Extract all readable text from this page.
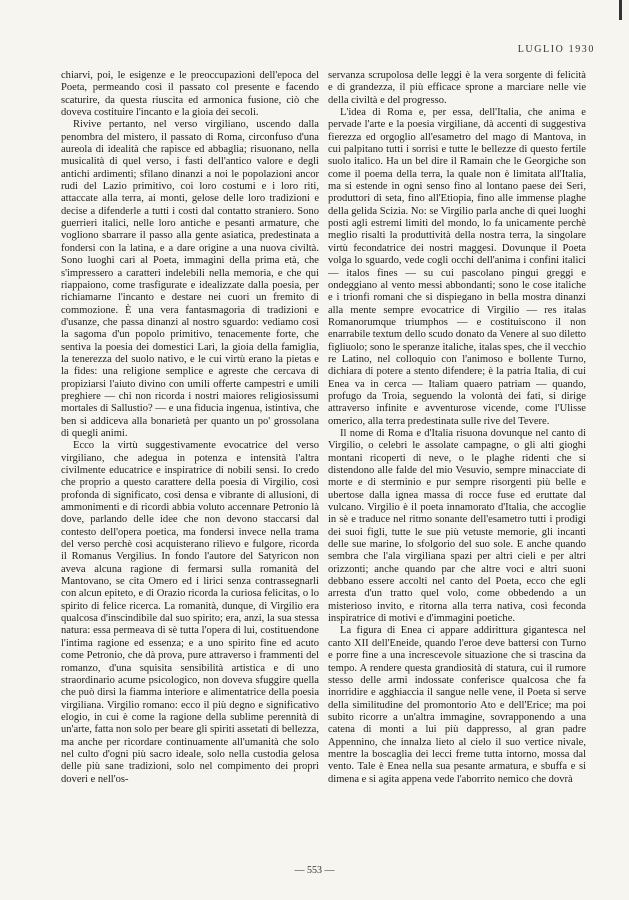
LUGLIO 1930

chiarvi, poi, le esigenze e le preoccupazioni dell'epoca del Poeta, permeando così il passato col presente e facendo scaturire, da questa riuscita ed armonica fusione, ciò che doveva costituire l'incanto e la gioia dei secoli.

Rivive pertanto, nel verso virgiliano, uscendo dalla penombra del mistero, il passato di Roma, circonfuso d'una aureola di idealità che rapisce ed abbaglia; risuonano, nella musicalità di quel verso, i fasti dell'antico valore e degli antichi ardimenti; sfilano dinanzi a noi le popolazioni ancor rudi del Lazio primitivo, coi loro costumi e i loro riti, attaccate alla terra, ai monti, gelose delle loro tradizioni e decise a difenderle a tutti i costi dal contatto straniero. Sono guerrieri italici, nelle loro antiche e pesanti armature, che vogliono sbarrare il passo alla gente asiatica, predestinata a fondersi con la latina, e a dare origine a una nuova civiltà. Sono luoghi cari al Poeta, immagini della prima età, che s'impressero a caratteri indelebili nella memoria, e che qui riappaiono, come trasfigurate e idealizzate dalla poesia, per richiamarne l'incanto e destare nei cuori un fremito di commozione. È una vera fantasmagoria di tradizioni e d'usanze, che passa dinanzi al nostro sguardo: vediamo così la sagoma d'un popolo primitivo, tenacemente forte, che sentiva la poesia dei domestici Lari, la gioia della famiglia, la tenerezza del suolo nativo, e le cui virtù erano la pietas e la fides: una religione semplice e agreste che cercava di propiziarsi l'aiuto divino con umili offerte campestri e umili preghiere — chi non ricorda i nostri maiores religiosissumi mortales di Sallustio? — e una fiducia ingenua, istintiva, che ben si addiceva alla bonarietà per quanto un po' grossolana di quegli animi.

Ecco la virtù suggestivamente evocatrice del verso virgiliano, che adegua in potenza e intensità l'altra civilmente educatrice e inspiratrice di nobili sensi. Io credo che proprio a questo carattere della poesia di Virgilio, così profonda di significato, così densa e vibrante di allusioni, di ammonimenti e di ricordi abbia voluto accennare Petronio là dove, parlando delle idee che non devono staccarsi dal contesto dell'opera poetica, ma fondersi invece nella trama del verso perchè così acquisterano rilievo e fulgore, ricorda il Romanus Vergilius. In fondo l'autore del Satyricon non aveva alcuna ragione di fermarsi sulla romanità del Mantovano, se cita Omero ed i lirici senza contrassegnarli con alcun epiteto, e di Orazio ricorda la curiosa felicitas, o lo spirito di felice ricerca. La romanità, dunque, di Virgilio era qualcosa d'inscindibile dal suo spirito; era, anzi, la sua stessa natura: essa permeava di sè tutta l'opera di lui, costituendone l'intima ragione ed essenza; e a uno spirito fine ed acuto come Petronio, che dà prova, pure attraverso i frammenti del romanzo, d'una squisita sensibilità artistica e di uno straordinario acume psicologico, non doveva sfuggire quella che può dirsi la fiamma interiore e alimentatrice della poesia virgiliana. Virgilio romano: ecco il più degno e significativo elogio, in cui è come la ragione della sublime perennità di un'arte, fatta non solo per beare gli spiriti assetati di bellezza, ma anche per ricordare continuamente all'umanità che solo nel culto d'ogni più sacro ideale, solo nella custodia gelosa delle più sane tradizioni, solo nel compimento dei propri doveri e nell'os-

servanza scrupolosa delle leggi è la vera sorgente di felicità e di grandezza, il più efficace sprone a marciare nelle vie della civiltà e del progresso.

L'idea di Roma e, per essa, dell'Italia, che anima e pervade l'arte e la poesia virgiliane, dà accenti di suggestiva fierezza ed orgoglio all'esametro del mago di Mantova, in cui palpitano tutti i sorrisi e tutte le bellezze di questo fertile suolo italico. Ha un bel dire il Ramain che le Georgiche son come il poema della terra, la quale non è limitata all'Italia, ma si estende in ogni senso fino al lontano paese dei Seri, produttori di seta, fino all'Etiopia, fino alle immense plaghe della gelida Scizia. No: se Virgilio parla anche di quei luoghi posti agli estremi limiti del mondo, lo fa unicamente perchè meglio risalti la produttività della nostra terra, la singolare virtù fecondatrice dei nostri maggesi. Dovunque il Poeta volga lo sguardo, vede cogli occhi dell'anima i confini italici — italos fines — su cui pascolano pingui greggi e ondeggiano al vento messi abbondanti; sono le cose italiche e i trionfi romani che si dispiegano in bella mostra dinanzi alla mente sempre evocatrice di Virgilio — res italas Romanorumque triumphos — e costituiscono il non enarrabile textum dello scudo donato da Venere al suo diletto figliuolo; sono le speranze italiche, italas spes, che il vecchio re Latino, nel colloquio con l'animoso e bollente Turno, dichiara di potere a stento difendere; è la patria Italia, di cui Enea va in cerca — Italiam quaero patriam — quando, profugo da Troia, seguendo la volontà dei fati, si dirige attraverso infinite e avventurose vicende, come l'Ulisse omerico, alla terra predestinata sulle rive del Tevere.

Il nome di Roma e d'Italia risuona dovunque nel canto di Virgilio, o celebri le assolate campagne, o gli alti gioghi montani ricoperti di neve, o le plaghe ridenti che si distendono alle falde del mio Vesuvio, sempre minacciate di morte e di sterminio e pur sempre risorgenti più belle e ubertose dalla ignea massa di rocce fuse ed eruttate dal vulcano. Virgilio è il poeta innamorato d'Italia, che accoglie in sè e traduce nel ritmo sonante dell'esametro tutti i prodigi dei suoi figli, tutte le sue più vetuste memorie, gli incanti delle sue marine, lo sfolgorio del suo sole. E anche quando sembra che l'ala virgiliana spazi per altri cieli e per altri orizzonti; anche quando par che altre voci e altri suoni debbano essere accolti nel canto del Poeta, ecco che egli arresta d'un tratto quel volo, come obbedendo a un misterioso invito, e ritorna alla terra nativa, così feconda inspiratrice di motivi e d'immagini poetiche.

La figura di Enea ci appare addirittura gigantesca nel canto XII dell'Eneide, quando l'eroe deve battersi con Turno e porre fine a una increscevole situazione che si trascina da tempo. A rendere questa grandiosità di statura, cui il rumore stesso delle armi indossate conferisce qualcosa che fa inorridire e agghiaccia il sangue nelle vene, il Poeta si serve della similitudine del promontorio Ato e dell'Erice; ma poi subito ricorre a un'altra immagine, sovrapponendo a una catena di monti a lui più dappresso, al gran padre Appennino, che innalza lieto al cielo il suo vertice nivale, mentre la boscaglia dei lecci freme tutta intorno, mossa dal vento. Tale è Enea nella sua pesante armatura, e sbuffa e si dimena e si agita appena vede l'aborrito nemico che dovrà

— 553 —
